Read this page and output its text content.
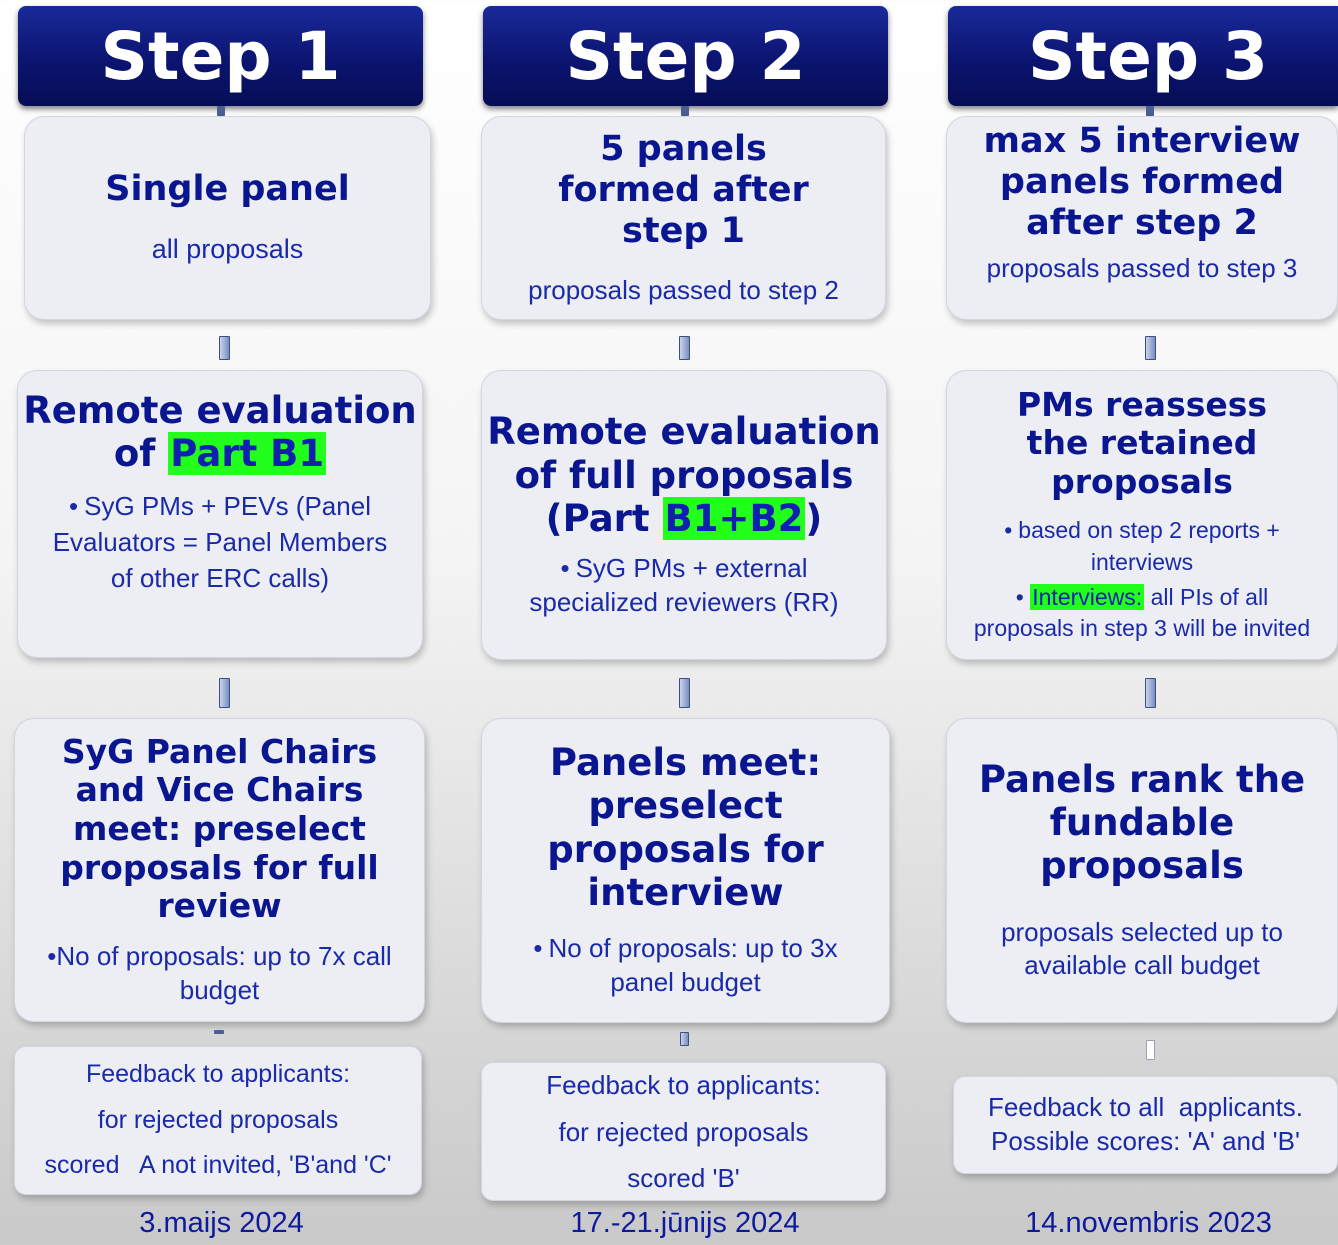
Step 1
Single panel
all proposals
Remote evaluation
of Part B1
• SyG PMs + PEVs (Panel Evaluators = Panel Members of other ERC calls)
SyG Panel Chairs and Vice Chairs meet: preselect proposals for full review
•No of proposals: up to 7x call budget
Feedback to applicants:
for rejected proposals
scored   A not invited, 'B'and 'C'
3.maijs 2024
Step 2
5 panels formed after step 1
proposals passed to step 2
Remote evaluation
of full proposals
(Part B1+B2)
• SyG PMs + external specialized reviewers (RR)
Panels meet: preselect proposals for interview
• No of proposals: up to 3x panel budget
Feedback to applicants:
for rejected proposals
scored 'B'
17.-21.jūnijs 2024
Step 3
max 5 interview panels formed after step 2
proposals passed to step 3
PMs reassess the retained proposals
• based on step 2 reports + interviews
• Interviews: all PIs of all proposals in step 3 will be invited
Panels rank the fundable proposals
proposals selected up to available call budget
Feedback to all  applicants.
Possible scores: 'A' and 'B'
14.novembris 2023
